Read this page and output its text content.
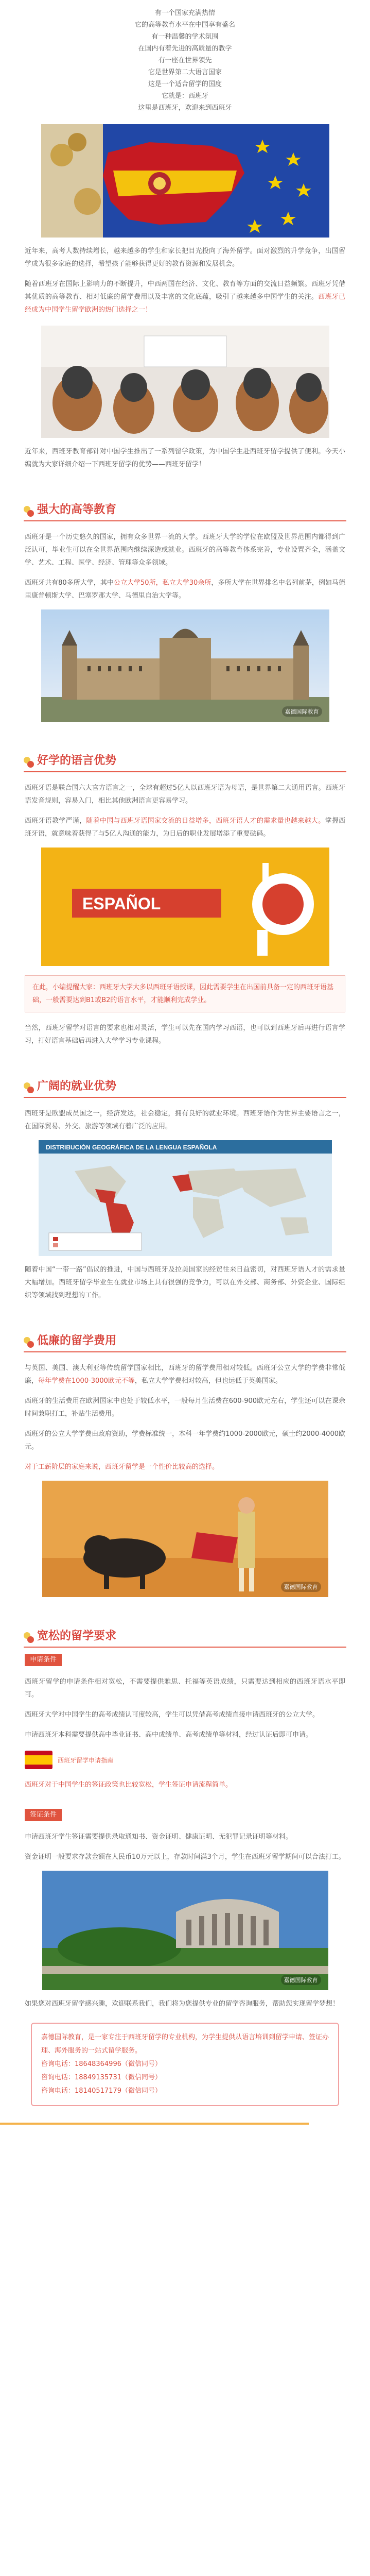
有一个国家充满热情
它的高等教育水平在中国享有盛名
有一种温馨的学术氛围
在国内有着先进的高质量的教学
有一座在世界领先
它是世界第二大语言国家
这是一个适合留学的国度
它就是：西班牙
这里是西班牙，欢迎来到西班牙

近年来，高考人数持续增长，越来越多的学生和家长把目光投向了海外留学。面对激烈的升学竞争，出国留学成为很多家庭的选择，希望孩子能够获得更好的教育资源和发展机会。

随着西班牙在国际上影响力的不断提升，中西两国在经济、文化、教育等方面的交流日益频繁。西班牙凭借其优质的高等教育、相对低廉的留学费用以及丰富的文化底蕴，吸引了越来越多中国学生的关注。西班牙已经成为中国学生留学欧洲的热门选择之一！

近年来，西班牙教育部针对中国学生推出了一系列留学政策，为中国学生赴西班牙留学提供了便利。今天小编就为大家详细介绍一下西班牙留学的优势——西班牙留学！

强大的高等教育

西班牙是一个历史悠久的国家，拥有众多世界一流的大学。西班牙大学的学位在欧盟及世界范围内都得到广泛认可，毕业生可以在全世界范围内继续深造或就业。西班牙的高等教育体系完善，专业设置齐全，涵盖文学、艺术、工程、医学、经济、管理等众多领域。

西班牙共有80多所大学，其中公立大学50所，私立大学30余所，多所大学在世界排名中名列前茅，例如马德里康普顿斯大学、巴塞罗那大学、马德里自治大学等。

嘉德国际教育
好学的语言优势

西班牙语是联合国六大官方语言之一，全球有超过5亿人以西班牙语为母语，是世界第二大通用语言。西班牙语发音规则，容易入门，相比其他欧洲语言更容易学习。

西班牙语教学严谨，随着中国与西班牙语国家交流的日益增多，西班牙语人才的需求量也越来越大。掌握西班牙语，就意味着获得了与5亿人沟通的能力，为日后的职业发展增添了重要砝码。

ESPAÑOL

在此，小编提醒大家：西班牙大学大多以西班牙语授课，因此需要学生在出国前具备一定的西班牙语基础，一般需要达到B1或B2的语言水平，才能顺利完成学业。

当然，西班牙留学对语言的要求也相对灵活，学生可以先在国内学习西语，也可以到西班牙后再进行语言学习，打好语言基础后再进入大学学习专业课程。

广阔的就业优势

西班牙是欧盟成员国之一，经济发达，社会稳定，拥有良好的就业环境。西班牙语作为世界主要语言之一，在国际贸易、外交、旅游等领域有着广泛的应用。

DISTRIBUCIÓN GEOGRÁFICA DE LA LENGUA ESPAÑOLA

随着中国“一带一路”倡议的推进，中国与西班牙及拉美国家的经贸往来日益密切，对西班牙语人才的需求量大幅增加。西班牙留学毕业生在就业市场上具有很强的竞争力，可以在外交部、商务部、外资企业、国际组织等领域找到理想的工作。

低廉的留学费用

与英国、美国、澳大利亚等传统留学国家相比，西班牙的留学费用相对较低。西班牙公立大学的学费非常低廉，每年学费在1000-3000欧元不等，私立大学学费相对较高，但也远低于英美国家。

西班牙的生活费用在欧洲国家中也处于较低水平，一般每月生活费在600-900欧元左右，学生还可以在课余时间兼职打工，补贴生活费用。

西班牙的公立大学学费由政府资助，学费标准统一，本科一年学费约1000-2000欧元，硕士约2000-4000欧元。

对于工薪阶层的家庭来说，西班牙留学是一个性价比较高的选择。

嘉德国际教育
宽松的留学要求
申请条件

西班牙留学的申请条件相对宽松，不需要提供雅思、托福等英语成绩，只需要达到相应的西班牙语水平即可。

西班牙大学对中国学生的高考成绩认可度较高，学生可以凭借高考成绩直接申请西班牙的公立大学。

申请西班牙本科需要提供高中毕业证书、高中成绩单、高考成绩单等材料，经过认证后即可申请。

西班牙留学申请指南

西班牙对于中国学生的签证政策也比较宽松，学生签证申请流程简单。

签证条件

申请西班牙学生签证需要提供录取通知书、资金证明、健康证明、无犯罪记录证明等材料。

资金证明一般要求存款金额在人民币10万元以上，存款时间满3个月，学生在西班牙留学期间可以合法打工。

嘉德国际教育

如果您对西班牙留学感兴趣，欢迎联系我们，我们将为您提供专业的留学咨询服务，帮助您实现留学梦想！

嘉德国际教育，是一家专注于西班牙留学的专业机构，为学生提供从语言培训到留学申请、签证办理、海外服务的一站式留学服务。
咨询电话：18648364996（微信同号）
咨询电话：18849135731（微信同号）
咨询电话：18140517179（微信同号）
